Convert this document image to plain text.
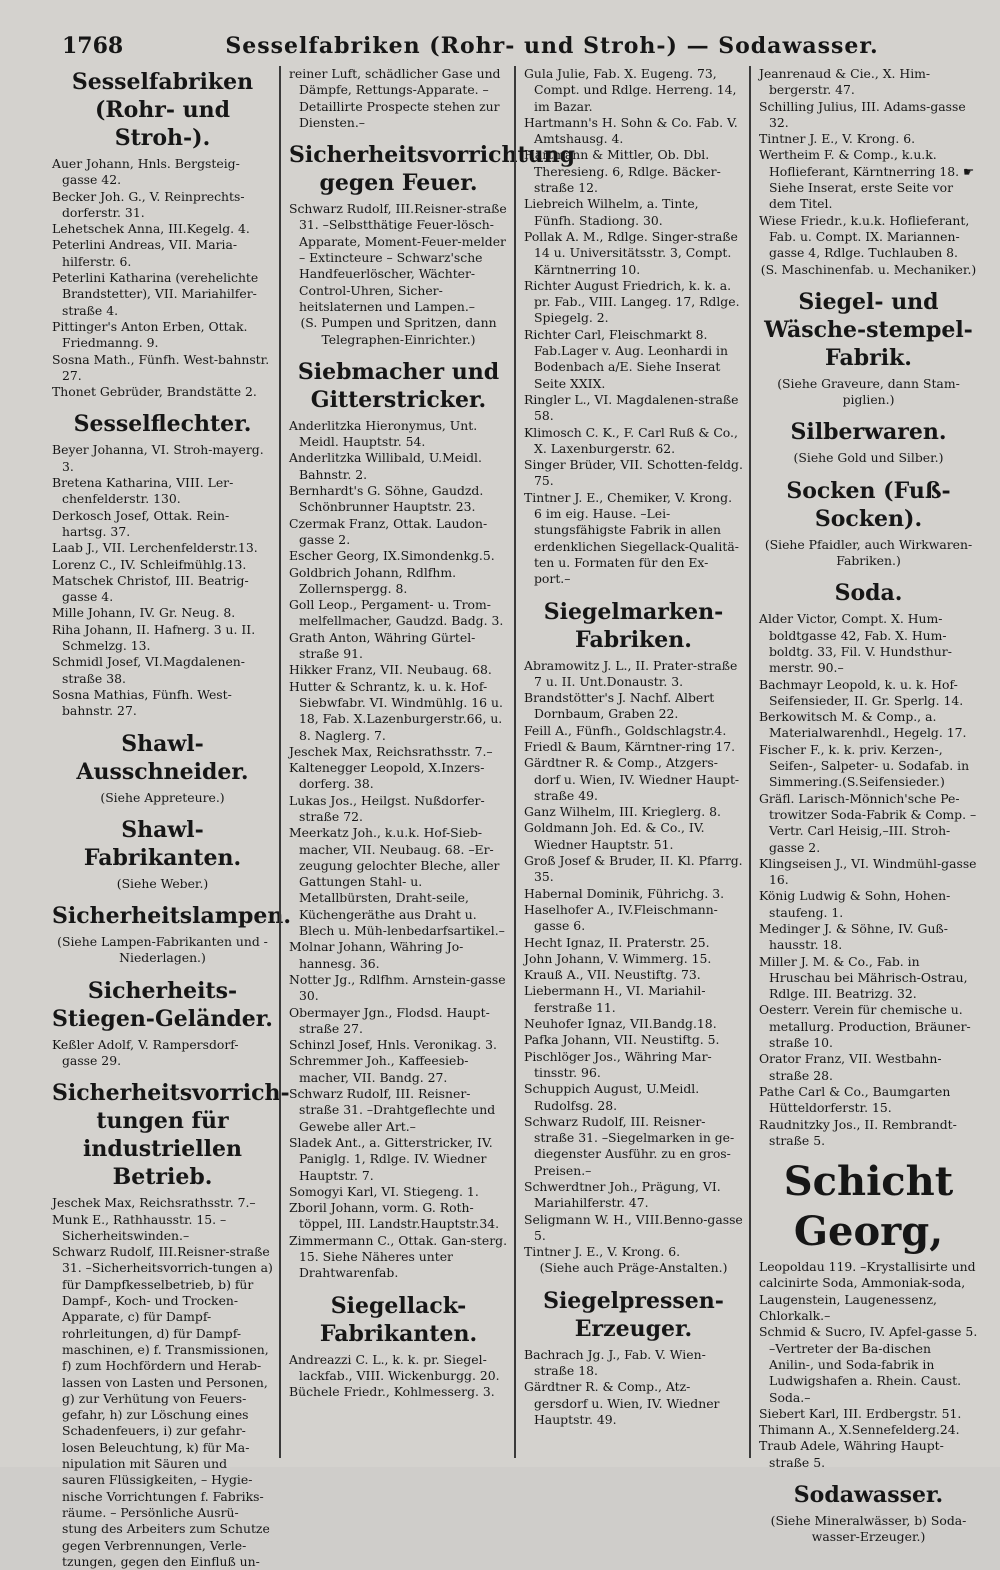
1768	Sesselfabriken (Rohr- und Stroh-) — Sodawasser.
Sesselfabriken (Rohr- und Stroh-).
Auer Johann, Hnls. Bergsteig-gasse 42.
Becker Joh. G., V. Reinprechts-dorferstr. 31.
Lehetschek Anna, III.Kegelg. 4.
Peterlini Andreas, VII. Maria-hilferstr. 6.
Peterlini Katharina (verehelichte Brandstetter), VII. Mariahilfer-straße 4.
Pittinger's Anton Erben, Ottak. Friedmanng. 9.
Sosna Math., Fünfh. West-bahnstr. 27.
Thonet Gebrüder, Brandstätte 2.
Sesselflechter.
Beyer Johanna, VI. Stroh-mayerg. 3.
Bretena Katharina, VIII. Ler-chenfelderstr. 130.
Derkosch Josef, Ottak. Rein-hartsg. 37.
Laab J., VII. Lerchenfelderstr.13.
Lorenz C., IV. Schleifmühlg.13.
Matschek Christof, III. Beatrig-gasse 4.
Mille Johann, IV. Gr. Neug. 8.
Riha Johann, II. Hafnerg. 3 u. II. Schmelzg. 13.
Schmidl Josef, VI.Magdalenen-straße 38.
Sosna Mathias, Fünfh. West-bahnstr. 27.
Shawl-Ausschneider.
(Siehe Appreteure.)
Shawl-Fabrikanten.
(Siehe Weber.)
Sicherheitslampen.
(Siehe Lampen-Fabrikanten und -Niederlagen.)
Sicherheits-Stiegen-Geländer.
Keßler Adolf, V. Rampersdorf-gasse 29.
Sicherheitsvorrich-tungen für industriellen Betrieb.
Jeschek Max, Reichsrathsstr. 7.–
Munk E., Rathhausstr. 15. –Sicherheitswinden.–
Schwarz Rudolf, III.Reisner-straße 31. –Sicherheitsvorrich-tungen a) für Dampfkesselbetrieb, b) für Dampf-, Koch- und Trocken-Apparate, c) für Dampf-rohrleitungen, d) für Dampf-maschinen, e) f. Transmissionen, f) zum Hochfördern und Herab-lassen von Lasten und Personen, g) zur Verhütung von Feuers-gefahr, h) zur Löschung eines Schadenfeuers, i) zur gefahr-losen Beleuchtung, k) für Ma-nipulation mit Säuren und sauren Flüssigkeiten, – Hygie-nische Vorrichtungen f. Fabriks-räume. – Persönliche Ausrü-stung des Arbeiters zum Schutze gegen Verbrennungen, Verle-tzungen, gegen den Einfluß un-
reiner Luft, schädlicher Gase und Dämpfe, Rettungs-Apparate. –Detaillirte Prospecte stehen zur Diensten.–
Sicherheitsvorrichtung gegen Feuer.
Schwarz Rudolf, III.Reisner-straße 31. –Selbstthätige Feuer-lösch-Apparate, Moment-Feuer-melder – Extincteure – Schwarz'sche Handfeuerlöscher, Wächter-Control-Uhren, Sicher-heitslaternen und Lampen.–
(S. Pumpen und Spritzen, dann Telegraphen-Einrichter.)
Siebmacher und Gitterstricker.
Anderlitzka Hieronymus, Unt. Meidl. Hauptstr. 54.
Anderlitzka Willibald, U.Meidl. Bahnstr. 2.
Bernhardt's G. Söhne, Gaudzd. Schönbrunner Hauptstr. 23.
Czermak Franz, Ottak. Laudon-gasse 2.
Escher Georg, IX.Simondenkg.5.
Goldbrich Johann, Rdlfhm. Zollernspergg. 8.
Goll Leop., Pergament- u. Trom-melfellmacher, Gaudzd. Badg. 3.
Grath Anton, Währing Gürtel-straße 91.
Hikker Franz, VII. Neubaug. 68.
Hutter & Schrantz, k. u. k. Hof-Siebwfabr. VI. Windmühlg. 16 u. 18, Fab. X.Lazenburgerstr.66, u. 8. Naglerg. 7.
Jeschek Max, Reichsrathsstr. 7.–
Kaltenegger Leopold, X.Inzers-dorferg. 38.
Lukas Jos., Heilgst. Nußdorfer-straße 72.
Meerkatz Joh., k.u.k. Hof-Sieb-macher, VII. Neubaug. 68. –Er-zeugung gelochter Bleche, aller Gattungen Stahl- u. Metallbürsten, Draht-seile, Küchengeräthe aus Draht u. Blech u. Müh-lenbedarfsartikel.–
Molnar Johann, Währing Jo-hannesg. 36.
Notter Jg., Rdlfhm. Arnstein-gasse 30.
Obermayer Jgn., Flodsd. Haupt-straße 27.
Schinzl Josef, Hnls. Veronikag. 3.
Schremmer Joh., Kaffeesieb-macher, VII. Bandg. 27.
Schwarz Rudolf, III. Reisner-straße 31. –Drahtgeflechte und Gewebe aller Art.–
Sladek Ant., a. Gitterstricker, IV. Paniglg. 1, Rdlge. IV. Wiedner Hauptstr. 7.
Somogyi Karl, VI. Stiegeng. 1.
Zboril Johann, vorm. G. Roth-töppel, III. Landstr.Hauptstr.34.
Zimmermann C., Ottak. Gan-sterg. 15. Siehe Näheres unter Drahtwarenfab.
Siegellack-Fabrikanten.
Andreazzi C. L., k. k. pr. Siegel-lackfab., VIII. Wickenburgg. 20.
Büchele Friedr., Kohlmesserg. 3.
Gula Julie, Fab. X. Eugeng. 73, Compt. und Rdlge. Herreng. 14, im Bazar.
Hartmann's H. Sohn & Co. Fab. V. Amtshausg. 4.
Hartmann & Mittler, Ob. Dbl. Theresieng. 6, Rdlge. Bäcker-straße 12.
Liebreich Wilhelm, a. Tinte, Fünfh. Stadiong. 30.
Pollak A. M., Rdlge. Singer-straße 14 u. Universitätsstr. 3, Compt. Kärntnerring 10.
Richter August Friedrich, k. k. a. pr. Fab., VIII. Langeg. 17, Rdlge. Spiegelg. 2.
Richter Carl, Fleischmarkt 8. Fab.Lager v. Aug. Leonhardi in Bodenbach a/E. Siehe Inserat Seite XXIX.
Ringler L., VI. Magdalenen-straße 58.
Klimosch C. K., F. Carl Ruß & Co., X. Laxenburgerstr. 62.
Singer Brüder, VII. Schotten-feldg. 75.
Tintner J. E., Chemiker, V. Krong. 6 im eig. Hause. –Lei-stungsfähigste Fabrik in allen erdenklichen Siegellack-Qualitä-ten u. Formaten für den Ex-port.–
Siegelmarken-Fabriken.
Abramowitz J. L., II. Prater-straße 7 u. II. Unt.Donaustr. 3.
Brandstötter's J. Nachf. Albert Dornbaum, Graben 22.
Feill A., Fünfh., Goldschlagstr.4.
Friedl & Baum, Kärntner-ring 17.
Gärdtner R. & Comp., Atzgers-dorf u. Wien, IV. Wiedner Haupt-straße 49.
Ganz Wilhelm, III. Krieglerg. 8.
Goldmann Joh. Ed. & Co., IV. Wiedner Hauptstr. 51.
Groß Josef & Bruder, II. Kl. Pfarrg. 35.
Habernal Dominik, Führichg. 3.
Haselhofer A., IV.Fleischmann-gasse 6.
Hecht Ignaz, II. Praterstr. 25.
John Johann, V. Wimmerg. 15.
Krauß A., VII. Neustiftg. 73.
Liebermann H., VI. Mariahil-ferstraße 11.
Neuhofer Ignaz, VII.Bandg.18.
Pafka Johann, VII. Neustiftg. 5.
Pischlöger Jos., Währing Mar-tinsstr. 96.
Schuppich August, U.Meidl. Rudolfsg. 28.
Schwarz Rudolf, III. Reisner-straße 31. –Siegelmarken in ge-diegenster Ausführ. zu en gros-Preisen.–
Schwerdtner Joh., Prägung, VI. Mariahilferstr. 47.
Seligmann W. H., VIII.Benno-gasse 5.
Tintner J. E., V. Krong. 6.
(Siehe auch Präge-Anstalten.)
Siegelpressen-Erzeuger.
Bachrach Jg. J., Fab. V. Wien-straße 18.
Gärdtner R. & Comp., Atz-gersdorf u. Wien, IV. Wiedner Hauptstr. 49.
Jeanrenaud & Cie., X. Him-bergerstr. 47.
Schilling Julius, III. Adams-gasse 32.
Tintner J. E., V. Krong. 6.
Wertheim F. & Comp., k.u.k. Hoflieferant, Kärntnerring 18. ☛ Siehe Inserat, erste Seite vor dem Titel.
Wiese Friedr., k.u.k. Hoflieferant, Fab. u. Compt. IX. Mariannen-gasse 4, Rdlge. Tuchlauben 8.
(S. Maschinenfab. u. Mechaniker.)
Siegel- und Wäsche-stempel-Fabrik.
(Siehe Graveure, dann Stam-piglien.)
Silberwaren.
(Siehe Gold und Silber.)
Socken (Fuß-Socken).
(Siehe Pfaidler, auch Wirkwaren-Fabriken.)
Soda.
Alder Victor, Compt. X. Hum-boldtgasse 42, Fab. X. Hum-boldtg. 33, Fil. V. Hundsthur-merstr. 90.–
Bachmayr Leopold, k. u. k. Hof-Seifensieder, II. Gr. Sperlg. 14.
Berkowitsch M. & Comp., a. Materialwarenhdl., Hegelg. 17.
Fischer F., k. k. priv. Kerzen-, Seifen-, Salpeter- u. Sodafab. in Simmering.(S.Seifensieder.)
Gräfl. Larisch-Mönnich'sche Pe-trowitzer Soda-Fabrik & Comp. –Vertr. Carl Heisig,–III. Stroh-gasse 2.
Klingseisen J., VI. Windmühl-gasse 16.
König Ludwig & Sohn, Hohen-staufeng. 1.
Medinger J. & Söhne, IV. Guß-hausstr. 18.
Miller J. M. & Co., Fab. in Hruschau bei Mährisch-Ostrau, Rdlge. III. Beatrizg. 32.
Oesterr. Verein für chemische u. metallurg. Production, Bräuner-straße 10.
Orator Franz, VII. Westbahn-straße 28.
Pathe Carl & Co., Baumgarten Hütteldorferstr. 15.
Raudnitzky Jos., II. Rembrandt-straße 5.
Schicht Georg,
Leopoldau 119. –Krystallisirte und calcinirte Soda, Ammoniak-soda, Laugenstein, Laugenessenz, Chlorkalk.–
Schmid & Sucro, IV. Apfel-gasse 5. –Vertreter der Ba-dischen Anilin-, und Soda-fabrik in Ludwigshafen a. Rhein. Caust. Soda.–
Siebert Karl, III. Erdbergstr. 51.
Thimann A., X.Sennefelderg.24.
Traub Adele, Währing Haupt-straße 5.
Sodawasser.
(Siehe Mineralwässer, b) Soda-wasser-Erzeuger.)
